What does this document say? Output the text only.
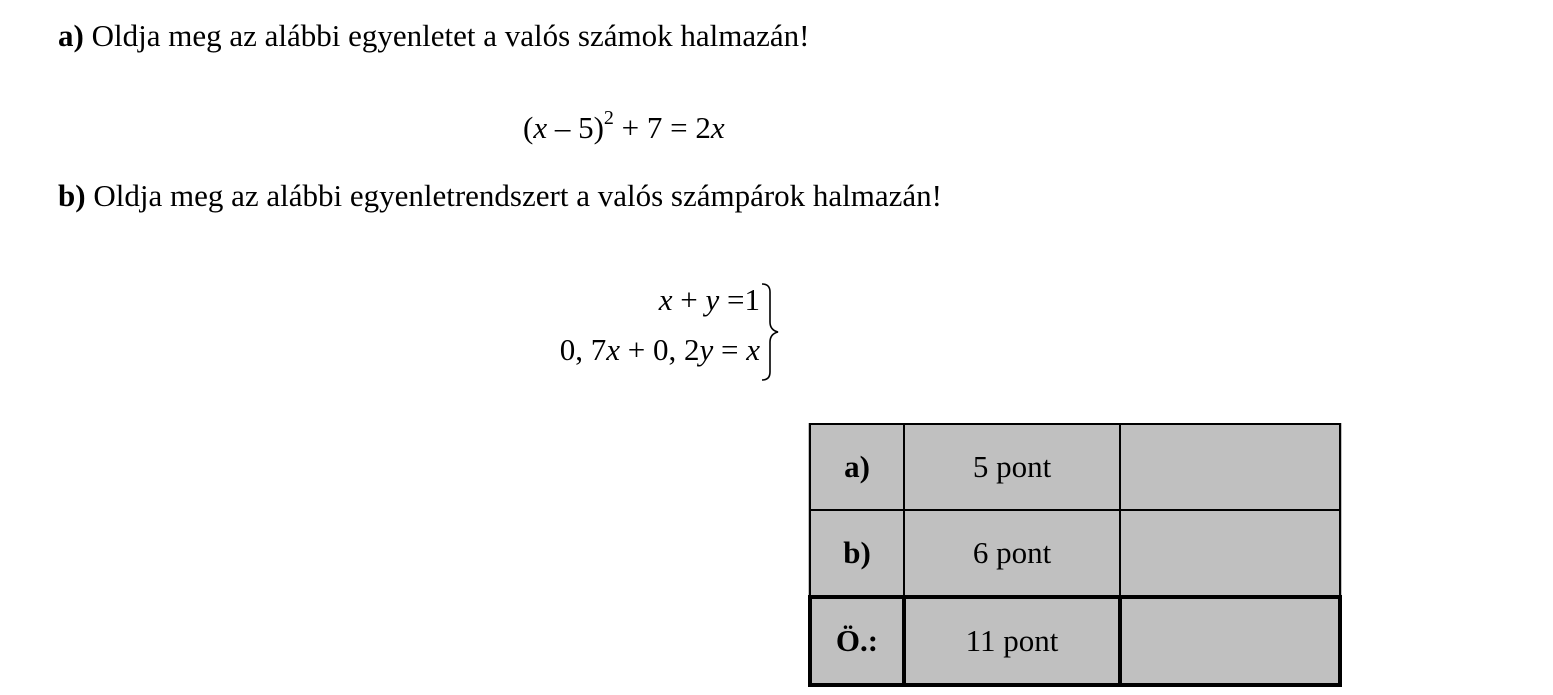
a) Oldja meg az alábbi egyenletet a valós számok halmazán!
(x – 5)$^2$ + 7 = 2x
b) Oldja meg az alábbi egyenletrendszert a valós számpárok halmazán!
x + y =1
0, 7x + 0, 2y = x
a)	5 pont	
b)	6 pont	
Ö.:	11 pont	
